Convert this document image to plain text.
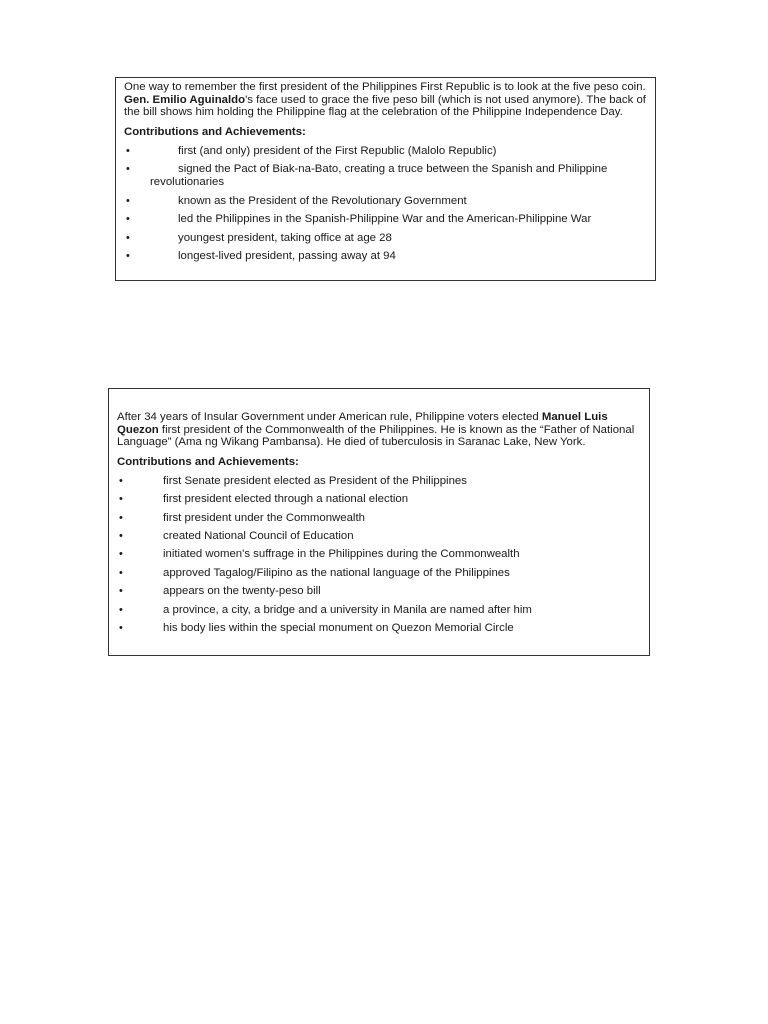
One way to remember the first president of the Philippines First Republic is to look at the five peso coin. Gen. Emilio Aguinaldo's face used to grace the five peso bill (which is not used anymore). The back of the bill shows him holding the Philippine flag at the celebration of the Philippine Independence Day.

Contributions and Achievements:
•	first (and only) president of the First Republic (Malolo Republic)
•	signed the Pact of Biak-na-Bato, creating a truce between the Spanish and Philippine revolutionaries
•	known as the President of the Revolutionary Government
•	led the Philippines in the Spanish-Philippine War and the American-Philippine War
•	youngest president, taking office at age 28
•	longest-lived president, passing away at 94

After 34 years of Insular Government under American rule, Philippine voters elected Manuel Luis Quezon first president of the Commonwealth of the Philippines. He is known as the “Father of National Language” (Ama ng Wikang Pambansa). He died of tuberculosis in Saranac Lake, New York.

Contributions and Achievements:
•	first Senate president elected as President of the Philippines
•	first president elected through a national election
•	first president under the Commonwealth
•	created National Council of Education
•	initiated women's suffrage in the Philippines during the Commonwealth
•	approved Tagalog/Filipino as the national language of the Philippines
•	appears on the twenty-peso bill
•	a province, a city, a bridge and a university in Manila are named after him
•	his body lies within the special monument on Quezon Memorial Circle
